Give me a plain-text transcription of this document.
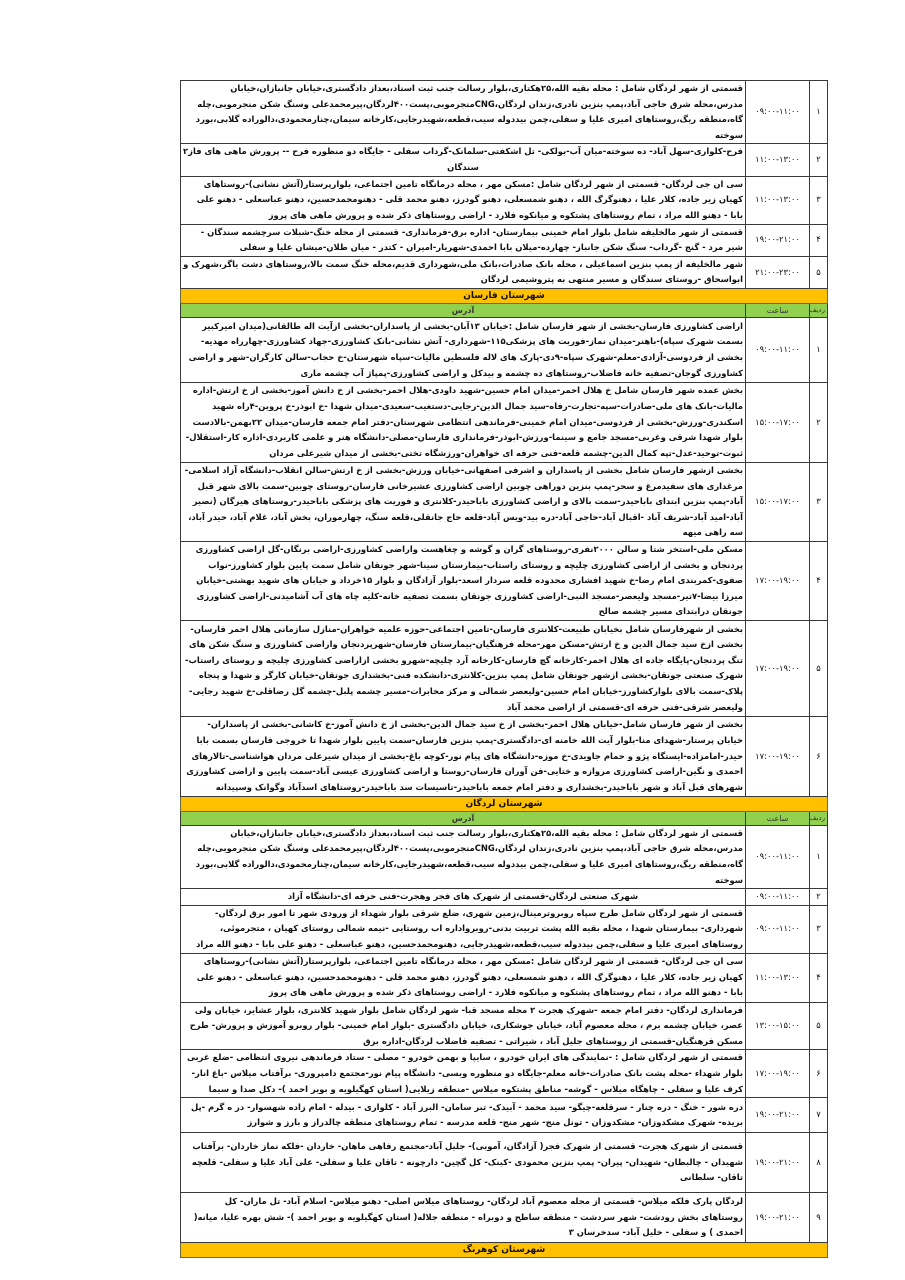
۱	۰۹:۰۰-۱۱:۰۰	قسمتی از شهر لردگان شامل : محله بقیه الله،۲۵هکتاری،بلوار رسالت جنب ثبت اسناد،بعداز دادگستری،خیابان جانبازان،خیابان مدرس،محله شرق حاجی آباد،پمپ بنزین نادری،زندان لردگان،CNGمنجرموبی،پست۴۰۰لردگان،پیرمحمدعلی وسنگ شکن منجرموبی،چله گاه،منطقه ریگ،روستاهای امیری علیا و سفلی،چمن بیددوله سیب،قطعه،شهیدرجایی،کارخانه سیمان،چنارمحمودی،دالوراده گلابی،بورد سوخته
۲	۱۱:۰۰-۱۳:۰۰	فرح-کلواری-سهل آباد- ده سوخته-میان آب-بولکی- تل اشکفتی-سلمانک-گرداب سفلی - جایگاه دو منظوره فرح -- پرورش ماهی های فاز۲ سندگان
۳	۱۱:۰۰-۱۳:۰۰	سی ان جی لردگان- قسمتی از شهر لردگان شامل :مسکن مهر ، محله درمانگاه تامین اجتماعی، بلوارپرستار(آتش نشانی)-روستاهای کهیان زیر جاده، کلار علیا ، دهنوگرگ الله ، دهنو شمسعلی، دهنو گودرز، دهنو محمد قلی - دهنومحمدحسین، دهنو عباسعلی - دهنو علی بابا - دهنو الله مراد ، تمام روستاهای پشتکوه و میانکوه فلارد - اراضی روستاهای ذکر شده و پرورش ماهی های پروز
۴	۱۹:۰۰-۲۱:۰۰	قسمتی از شهر مالخلیفه شامل بلوار امام خمینی بیمارستان- اداره برق-فرمانداری- قسمتی از محله خنگ-شبلات سرچشمه سندگان - شیر مرد - گنج -گرداب- سنگ شکن جانباز- چهارده-میلان بابا احمدی-شهریار-امیران - کتدر - میان طلان-میشان علیا و سفلی
۵	۲۱:۰۰-۲۳:۰۰	شهر مالخلیفه از پمپ بنزین اسماعیلی ، محله بانک صادرات،بانک ملی،شهرداری قدیم،محله خنگ سمت بالا،روستاهای دشت یاگر،شهرک و ابواسحاق -روستای سندگان و مسیر منتهی به پتروشیمی لردگان
شهرستان فارسان		
ردیف	ساعت	آدرس
۱	۰۹:۰۰-۱۱:۰۰	اراضی کشاورزی فارسان-بخشی از شهر فارسان شامل :خیابان ۱۳آبان-بخشی از پاسداران-بخشی ازآیت اله طالقانی(میدان امیرکبیر بسمت شهرک سپاه)-باهنر-میدان نماز-فوریت های پزشکی۱۱۵-شهرداری- آتش نشانی-بانک کشاورزی-جهاد کشاورزی-چهارراه مهدیه-بخشی از فردوسی-آزادی-معلم-شهرک سپاه-۹دی-پارک های لاله فلسطین مالیات-سپاه شهرستان-خ حجاب-سالن کارگران-شهر و اراضی کشاورزی گوجان-تصفیه خانه فاضلاب-روستاهای ده چشمه و بیدکل و اراضی کشاورزی-پمپاژ آب چشمه ماری
۲	۱۵:۰۰-۱۷:۰۰	بخش عمده شهر فارسان شامل خ هلال احمر-میدان امام حسین-شهید داودی-هلال احمر-بخشی از خ دانش آموز-بخشی از خ ارتش-اداره مالیات-بانک های ملی-صادرات-سپه-تجارت-رفاه-سید جمال الدین-رجایی-دستغیب-سعیدی-میدان شهدا -خ ابوذر-خ پروین-۴راه شهید اسکندری-ورزش-بخشی از فردوسی-میدان امام خمینی-فرماندهی انتظامی شهرستان-دفتر امام جمعه فارسان-میدان ۲۲بهمن-بالادست بلوار شهدا شرقی وغربی-مسجد جامع و سینما-ورزش-ابوذر-فرمانداری فارسان-مصلی-دانشگاه هنر و علمی کاربردی-اداره کار-استقلال-ثبوت-توحید-عدل-تپه کمال الدین-چشمه قلعه-فنی حرفه ای خواهران-ورزشگاه تختی-بخشی از میدان شیرعلی مردان
۳	۱۵:۰۰-۱۷:۰۰	بخشی ازشهر فارسان شامل بخشی از پاسداران و اشرفی اصفهانی-خیابان ورزش-بخشی از خ ارتش-سالن انقلاب-دانشگاه آزاد اسلامی-مرغداری های سفیدمرغ و سحر-پمپ بنزین دوراهی چوبین اراضی کشاورزی عشیرخانی فارسان-روستای چوبین-سمت بالای شهر قبل آباد-پمپ بنزین ابتدای باباحیدر-سمت بالای و اراضی کشاورزی باباحیدر-کلانتری و فوریت های پزشکی باباحیدر-روستاهای هیرگان (نصیر آباد-امید آباد-شریف آباد -اقبال آباد-حاجی آباد-دره بید-ویس آباد-قلعه حاج جانقلی،قلعه سنگ، چهارموران، بخش آباد، غلام آباد، حیدر آباد، سه راهی میهه
۴	۱۷:۰۰-۱۹:۰۰	مسکن ملی-استخر شتا و سالن ۲۰۰۰نفری-روستاهای گران و گوشه و چغاهست واراضی کشاورزی-اراضی برنگان-گل اراضی کشاورزی پردنجان و بخشی از اراضی کشاورزی چلیچه و روستای راستاب-بیمارستان سینا-شهر جونقان شامل سمت پایین بلوار کشاورز-نواب صفوی-کمربندی امام رضا-خ شهید افشاری محدوده قلعه سردار اسعد-بلوار آزادگان و بلوار ۱۵خرداد و خیابان های شهید بهشتی-خیابان میرزا بیضا-۷تیر-مسجد ولیعصر-مسجد النبی-اراضی کشاورزی جونقان بسمت تصفیه خانه-کلیه چاه های آب آشامیدنی-اراضی کشاورزی جونقان درابتدای مسیر چشمه صالح
۵	۱۷:۰۰-۱۹:۰۰	بخشی از شهرفارسان شامل بخیابان طبیعت-کلانتری فارسان-تامین اجتماعی-حوزه علمیه خواهران-منازل سازمانی هلال احمر فارسان-بخشی ازخ سید جمال الدین و خ ارتش-مسکن مهر-محله فرهنگیان-بیمارستان فارسان-شهرپردنجان واراضی کشاورزی و سنگ شکن های تنگ پردنجان-پایگاه جاده ای هلال احمر-کارخانه گچ فارسان-کارخانه آرد چلیچه-شهرو بخشی ازاراضی کشاورزی چلیچه و روستای راستاب- شهرک صنعتی جونقان-بخشی ازشهر جونقان شامل پمپ بنزین-کلانتری-دانشکده فنی-بخشداری جونقان-خیابان کارگر و شهدا و پنجاه پلاک-سمت بالای بلوارکشاورز-خیابان امام حسین-ولیعصر شمالی و مرکز مخابرات-مسیر چشمه پلبل-چشمه گل رضاقلی-خ شهید رجایی-ولیعصر شرقی-فنی حرفه ای-قسمتی از اراضی محمد آباد
۶	۱۷:۰۰-۱۹:۰۰	بخشی از شهر فارسان شامل-خیابان هلال احمر-بخشی از خ سید جمال الدین-بخشی از خ دانش آموز-خ کاشانی-بخشی از پاسداران-خیابان پرستار-شهدای منا-بلوار آیت الله خامنه ای-دادگستری-پمپ بنزین فارسان-سمت پایین بلوار شهدا تا خروجی فارسان بسمت بابا حیدر-امامزاده-ایستگاه پژو و حمام جاویدی-خ موزه-دانشگاه های پیام نور-کوچه باغ-بخشی از میدان شیرعلی مردان هواشناسی-تالارهای احمدی و نگین-اراضی کشاورزی مروازه و ختایی-فن آوران فارسان-روستا و اراضی کشاورزی عیسی آباد-سمت پایین و اراضی کشاورزی شهرهای قبل آباد و شهر باباحیدر-بخشداری و دفتر امام جمعه باباحیدر-تاسیسات سد باباحیدر-روستاهای اسدآباد وگوانک وسپیدانه
شهرستان لردگان		
ردیف	ساعت	آدرس
۱	۰۹:۰۰-۱۱:۰۰	قسمتی از شهر لردگان شامل : محله بقیه الله،۲۵هکتاری،بلوار رسالت جنب ثبت اسناد،بعداز دادگستری،خیابان جانبازان،خیابان مدرس،محله شرق حاجی آباد،پمپ بنزین نادری،زندان لردگان،CNGمنجرموبی،پست۴۰۰لردگان،پیرمحمدعلی وسنگ شکن منجرموبی،چله گاه،منطقه ریگ،روستاهای امیری علیا و سفلی،چمن بیددوله سیب،قطعه،شهیدرجایی،کارخانه سیمان،چنارمحمودی،دالوراده گلابی،بورد سوخته
۲	۰۹:۰۰-۱۱:۰۰	شهرک صنعتی لردگان-قسمتی از شهرک های فجر وهجرت-فنی حرفه ای-دانشگاه آزاد
۳	۰۹:۰۰-۱۱:۰۰	قسمتی از شهر لردگان شامل طرح سپاه روبروترمینال،زمین شهری، ضلع شرقی بلوار شهداء از ورودی شهر تا امور برق لردگان- شهرداری- بیمارستان شهدا ، محله بقیه الله پشت تربیت بدنی-روبرواداره اب روستایی -نیمه شمالی روستای کهیان ، متجرموئی، روستاهای امیری علیا و سفلی،چمن بیددوله سیب،قطعه،شهیدرجایی، دهنومحمدحسین، دهنو عباسعلی - دهنو علی بابا - دهنو الله مراد
۴	۱۱:۰۰-۱۳:۰۰	سی ان جی لردگان- قسمتی از شهر لردگان شامل :مسکن مهر ، محله درمانگاه تامین اجتماعی، بلوارپرستار(آتش نشانی)-روستاهای کهیان زیر جاده، کلار علیا ، دهنوگرگ الله ، دهنو شمسعلی، دهنو گودرز، دهنو محمد قلی - دهنومحمدحسین، دهنو عباسعلی - دهنو علی بابا - دهنو الله مراد ، تمام روستاهای پشتکوه و میانکوه فلارد - اراضی روستاهای ذکر شده و پرورش ماهی های پروز
۵	۱۳:۰۰-۱۵:۰۰	فرمانداری لردگان- دفتر امام جمعه -شهرک هجرت ۲ محله مسجد قبا- شهر لردگان شامل بلوار شهید کلانتری، بلوار عشایر، خیابان ولی عصر، خیابان چشمه برم ، محله معصوم آباد، خیابان جوشکاری، خیابان دادگستری -بلوار امام خمینی- بلوار روبرو آموزش و پرورش- طرح مسکن فرهنگیان-قسمتی از روستاهای جلیل آباد ، شیراتی - تصفیه فاضلاب لردگان-اداره برق
۶	۱۷:۰۰-۱۹:۰۰	قسمتی از شهر لردگان شامل : -نمایندگی های ایران خودرو ، سایپا و بهمن خودرو - مصلی - ستاد فرماندهی نیروی انتظامی -ضلع غربی بلوار شهداء -محله پشت بانک صادرات-خانه معلم-جایگاه دو منظوره ویسی- دانشگاه پیام نور-مجتمع دامپروری- برآفتاب میلاس -باغ انار-کرف علیا و سفلی - چاهگاه میلاس - گوشه- مناطق پشتکوه میلاس -منطقه زیلایی( استان کهگیلویه و بویر احمد )- دکل صدا و سیما
۷	۱۹:۰۰-۲۱:۰۰	دره شور - خنگ - دره چنار - سرقلعه-چیگو- سید محمد - آبیدک- تبر سامان- البرز آباد - کلواری - بیدله - امام زاده شهسوار- در ه گرم -پل بریده- شهرک مشکدوزان- مشکدوزان - تونل منج- شهر منج- قلعه مدرسه - تمام روستاهای منطقه چالدراز و بارز و شوارز
۸	۱۹:۰۰-۲۱:۰۰	قسمتی از شهرک هجرت- قسمتی از شهرک فجر( آزادگان، آموبی)- جلیل آباد-مجتمع رفاهی ماهان- خاردان -فلکه نماز خاردان- برآفتاب شهیدان - چالبطان- شهیدان- پیران- پمپ بنزین محمودی -کینک- کل گچین- دارچونه - تاقان علیا و سفلی- علی آباد علیا و سفلی- قلعچه تاقان- سلطانی
۹	۱۹:۰۰-۲۱:۰۰	لردگان پارک فلکه میلاس- قسمتی از محله معصوم آباد لردگان- روستاهای میلاس اصلی- دهنو میلاس- اسلام آباد- تل ماران- کل روستاهای بخش رودشت- شهر سردشت - منطقه ساطح و دوبراه - منطقه جلاله( استان کهگیلویه و بویر احمد )- شش بهره علیا، میانه( احمدی ) و سفلی - خلیل آباد- سدخرسان ۳
شهرستان کوهرنگ		
